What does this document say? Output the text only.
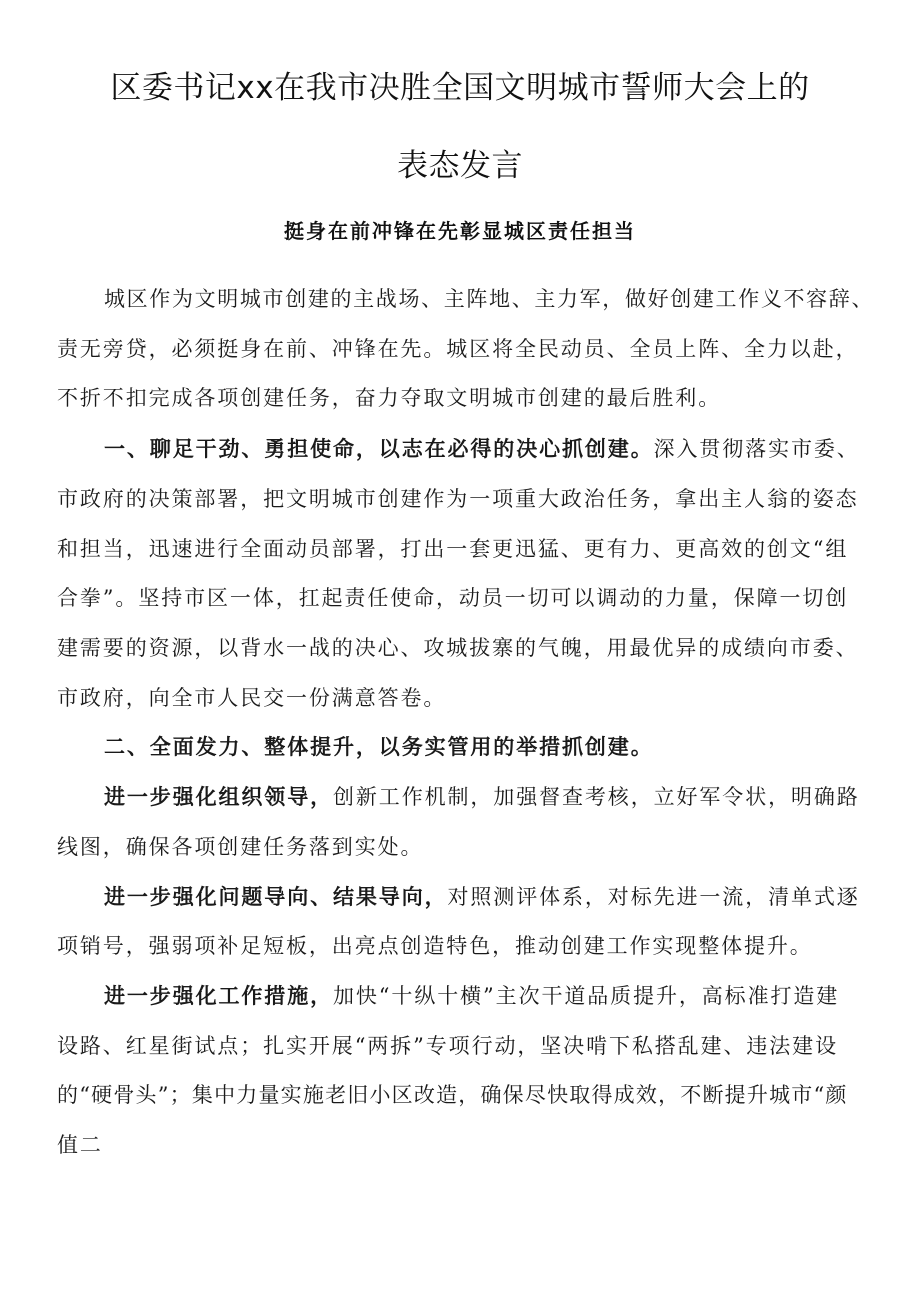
区委书记xx在我市决胜全国文明城市誓师大会上的
表态发言
挺身在前冲锋在先彰显城区责任担当
城区作为文明城市创建的主战场、主阵地、主力军，做好创建工作义不容辞、
责无旁贷，必须挺身在前、冲锋在先。城区将全民动员、全员上阵、全力以赴，
不折不扣完成各项创建任务，奋力夺取文明城市创建的最后胜利。
一、聊足干劲、勇担使命，以志在必得的决心抓创建。深入贯彻落实市委、
市政府的决策部署，把文明城市创建作为一项重大政治任务，拿出主人翁的姿态
和担当，迅速进行全面动员部署，打出一套更迅猛、更有力、更高效的创文“组
合拳”。坚持市区一体，扛起责任使命，动员一切可以调动的力量，保障一切创
建需要的资源，以背水一战的决心、攻城拔寨的气魄，用最优异的成绩向市委、
市政府，向全市人民交一份满意答卷。
二、全面发力、整体提升，以务实管用的举措抓创建。
进一步强化组织领导，创新工作机制，加强督查考核，立好军令状，明确路
线图，确保各项创建任务落到实处。
进一步强化问题导向、结果导向，对照测评体系，对标先进一流，清单式逐
项销号，强弱项补足短板，出亮点创造特色，推动创建工作实现整体提升。
进一步强化工作措施，加快“十纵十横”主次干道品质提升，高标准打造建
设路、红星街试点；扎实开展“两拆”专项行动，坚决啃下私搭乱建、违法建设
的“硬骨头”；集中力量实施老旧小区改造，确保尽快取得成效，不断提升城市“颜
值二
